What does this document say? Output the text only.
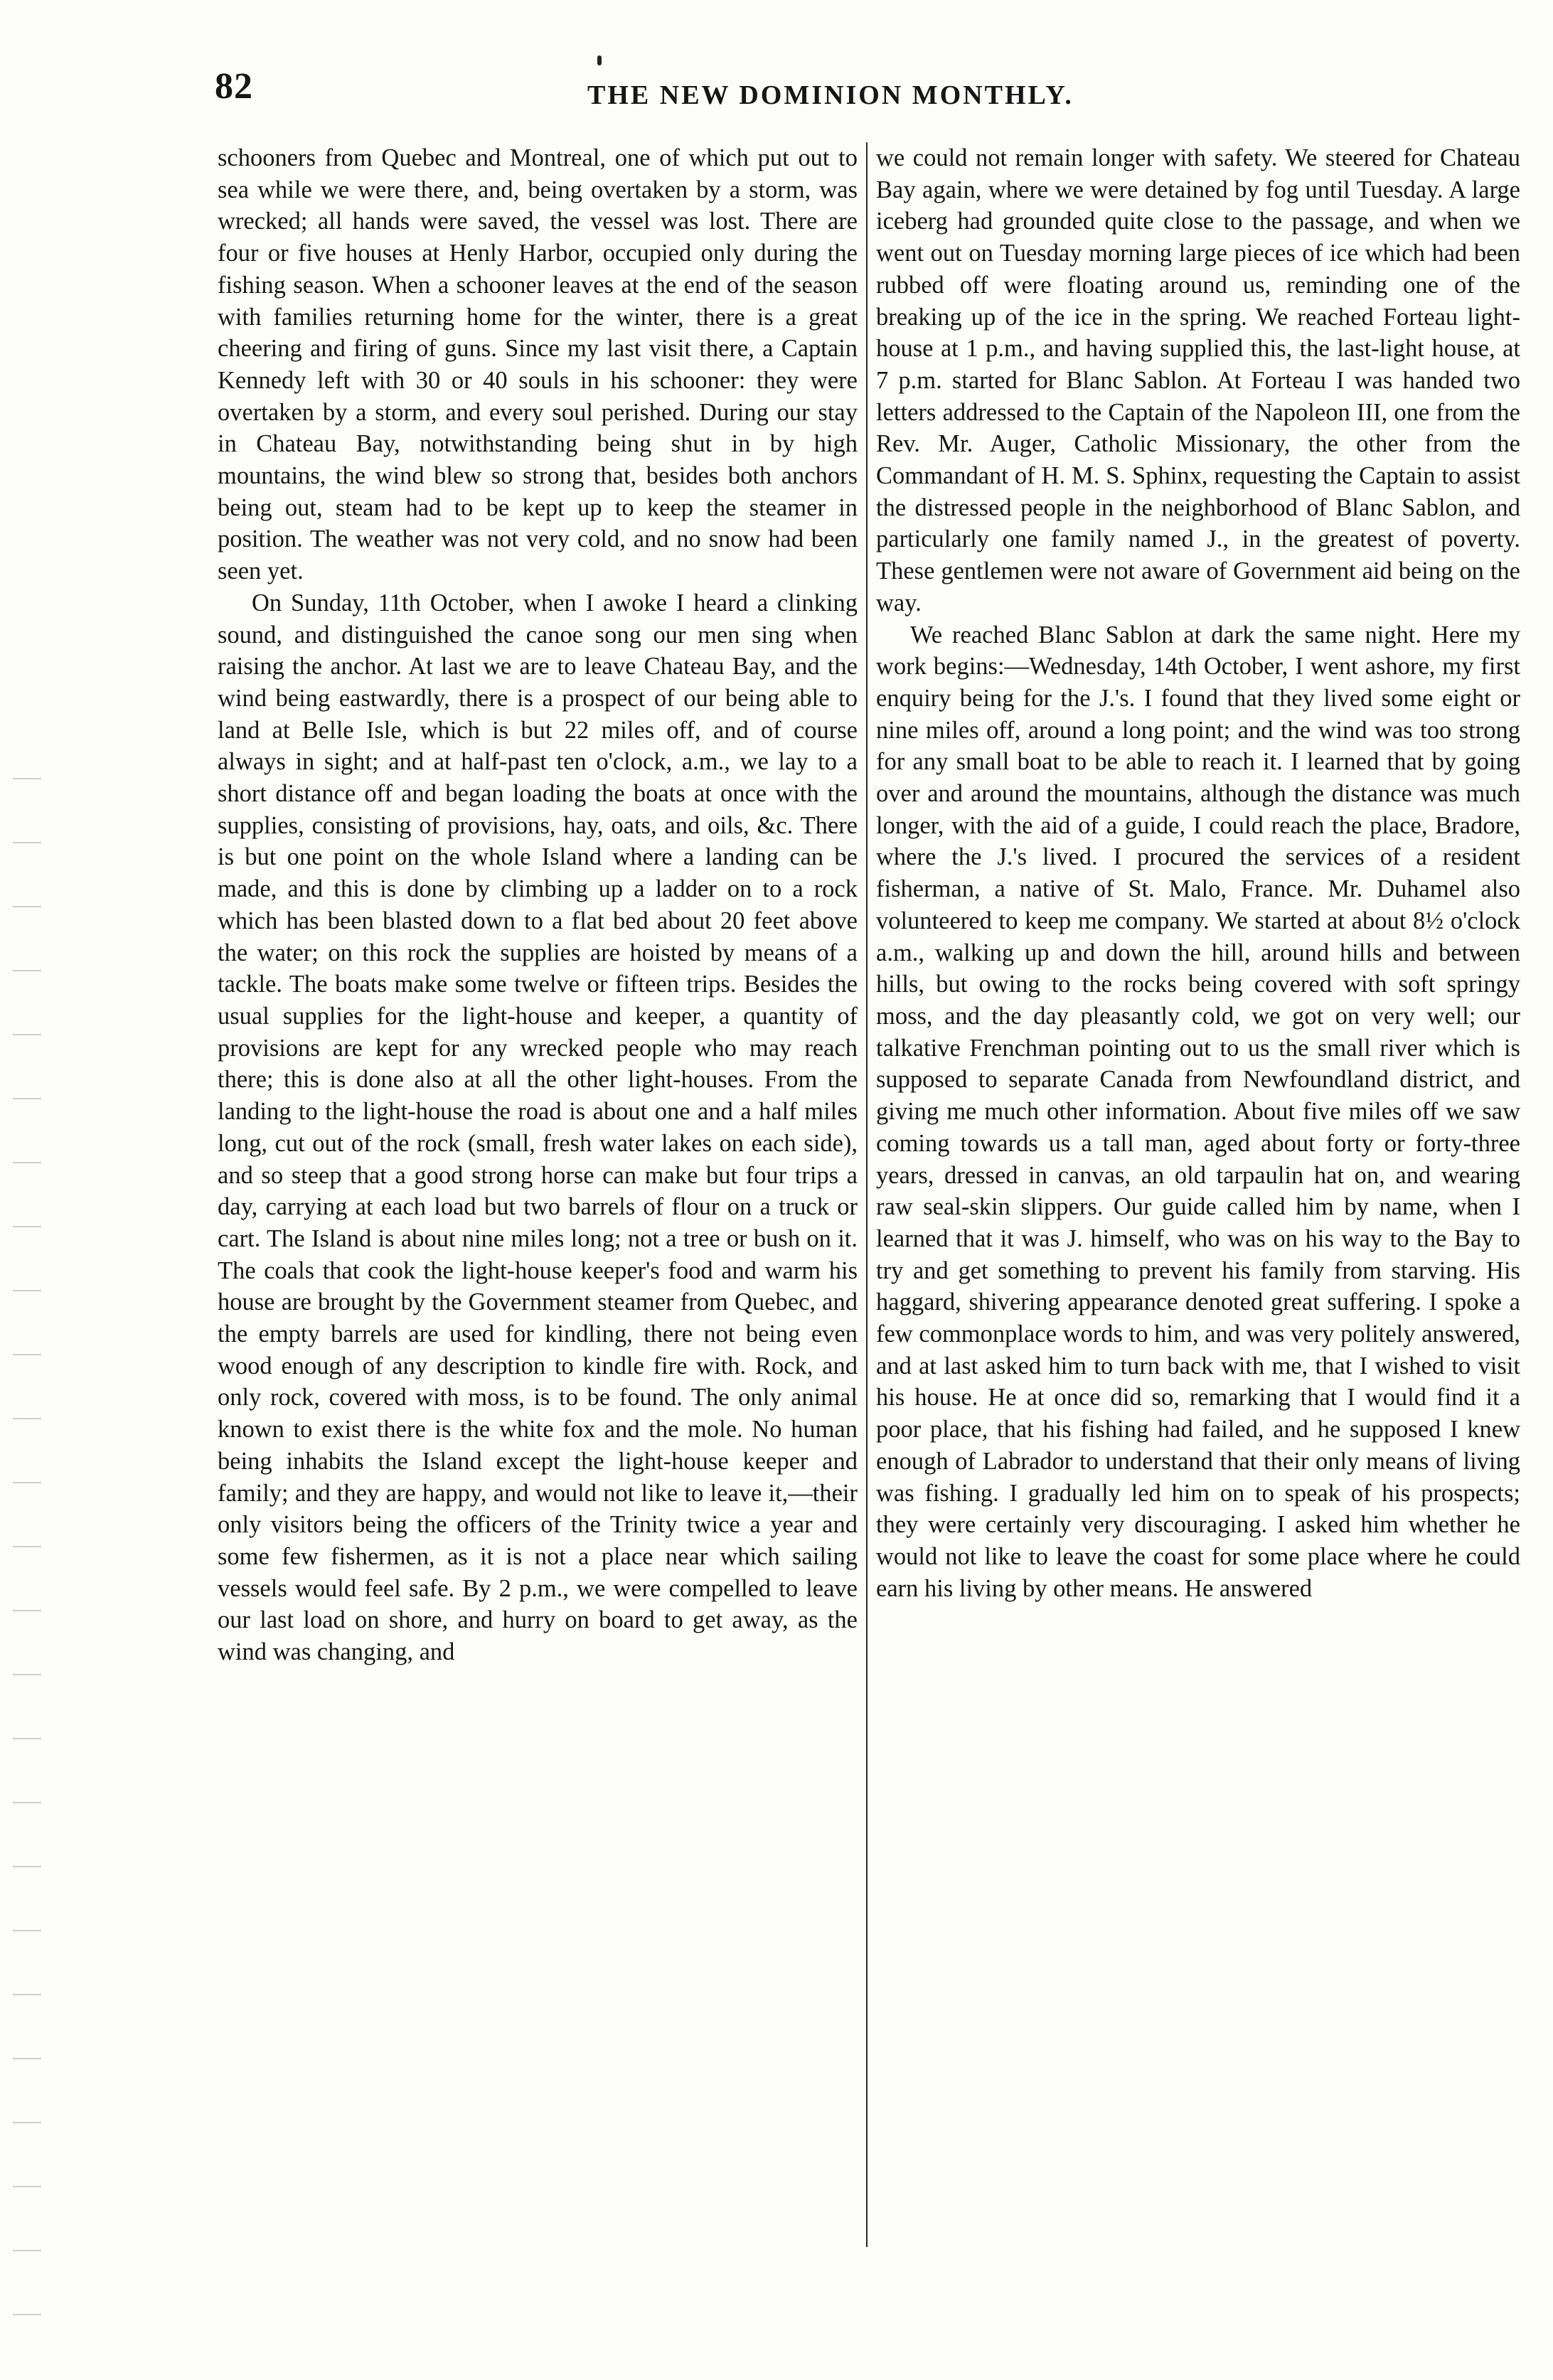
82	THE NEW DOMINION MONTHLY.

schooners from Quebec and Montreal, one of which put out to sea while we were there, and, being overtaken by a storm, was wrecked; all hands were saved, the vessel was lost. There are four or five houses at Henly Harbor, occupied only during the fishing season. When a schooner leaves at the end of the season with families returning home for the winter, there is a great cheering and firing of guns. Since my last visit there, a Captain Kennedy left with 30 or 40 souls in his schooner: they were overtaken by a storm, and every soul perished. During our stay in Chateau Bay, notwithstanding being shut in by high mountains, the wind blew so strong that, besides both anchors being out, steam had to be kept up to keep the steamer in position. The weather was not very cold, and no snow had been seen yet.

On Sunday, 11th October, when I awoke I heard a clinking sound, and distinguished the canoe song our men sing when raising the anchor. At last we are to leave Chateau Bay, and the wind being eastwardly, there is a prospect of our being able to land at Belle Isle, which is but 22 miles off, and of course always in sight; and at half-past ten o'clock, a.m., we lay to a short distance off and began loading the boats at once with the supplies, consisting of provisions, hay, oats, and oils, &c. There is but one point on the whole Island where a landing can be made, and this is done by climbing up a ladder on to a rock which has been blasted down to a flat bed about 20 feet above the water; on this rock the supplies are hoisted by means of a tackle. The boats make some twelve or fifteen trips. Besides the usual supplies for the light-house and keeper, a quantity of provisions are kept for any wrecked people who may reach there; this is done also at all the other light-houses. From the landing to the light-house the road is about one and a half miles long, cut out of the rock (small, fresh water lakes on each side), and so steep that a good strong horse can make but four trips a day, carrying at each load but two barrels of flour on a truck or cart. The Island is about nine miles long; not a tree or bush on it. The coals that cook the light-house keeper's food and warm his house are brought by the Government steamer from Quebec, and the empty barrels are used for kindling, there not being even wood enough of any description to kindle fire with. Rock, and only rock, covered with moss, is to be found. The only animal known to exist there is the white fox and the mole. No human being inhabits the Island except the light-house keeper and family; and they are happy, and would not like to leave it,—their only visitors being the officers of the Trinity twice a year and some few fishermen, as it is not a place near which sailing vessels would feel safe. By 2 p.m., we were compelled to leave our last load on shore, and hurry on board to get away, as the wind was changing, and

we could not remain longer with safety. We steered for Chateau Bay again, where we were detained by fog until Tuesday. A large iceberg had grounded quite close to the passage, and when we went out on Tuesday morning large pieces of ice which had been rubbed off were floating around us, reminding one of the breaking up of the ice in the spring. We reached Forteau light-house at 1 p.m., and having supplied this, the last-light house, at 7 p.m. started for Blanc Sablon. At Forteau I was handed two letters addressed to the Captain of the Napoleon III, one from the Rev. Mr. Auger, Catholic Missionary, the other from the Commandant of H. M. S. Sphinx, requesting the Captain to assist the distressed people in the neighborhood of Blanc Sablon, and particularly one family named J., in the greatest of poverty. These gentlemen were not aware of Government aid being on the way.

We reached Blanc Sablon at dark the same night. Here my work begins:—Wednesday, 14th October, I went ashore, my first enquiry being for the J.'s. I found that they lived some eight or nine miles off, around a long point; and the wind was too strong for any small boat to be able to reach it. I learned that by going over and around the mountains, although the distance was much longer, with the aid of a guide, I could reach the place, Bradore, where the J.'s lived. I procured the services of a resident fisherman, a native of St. Malo, France. Mr. Duhamel also volunteered to keep me company. We started at about 8½ o'clock a.m., walking up and down the hill, around hills and between hills, but owing to the rocks being covered with soft springy moss, and the day pleasantly cold, we got on very well; our talkative Frenchman pointing out to us the small river which is supposed to separate Canada from Newfoundland district, and giving me much other information. About five miles off we saw coming towards us a tall man, aged about forty or forty-three years, dressed in canvas, an old tarpaulin hat on, and wearing raw seal-skin slippers. Our guide called him by name, when I learned that it was J. himself, who was on his way to the Bay to try and get something to prevent his family from starving. His haggard, shivering appearance denoted great suffering. I spoke a few commonplace words to him, and was very politely answered, and at last asked him to turn back with me, that I wished to visit his house. He at once did so, remarking that I would find it a poor place, that his fishing had failed, and he supposed I knew enough of Labrador to understand that their only means of living was fishing. I gradually led him on to speak of his prospects; they were certainly very discouraging. I asked him whether he would not like to leave the coast for some place where he could earn his living by other means. He answered
